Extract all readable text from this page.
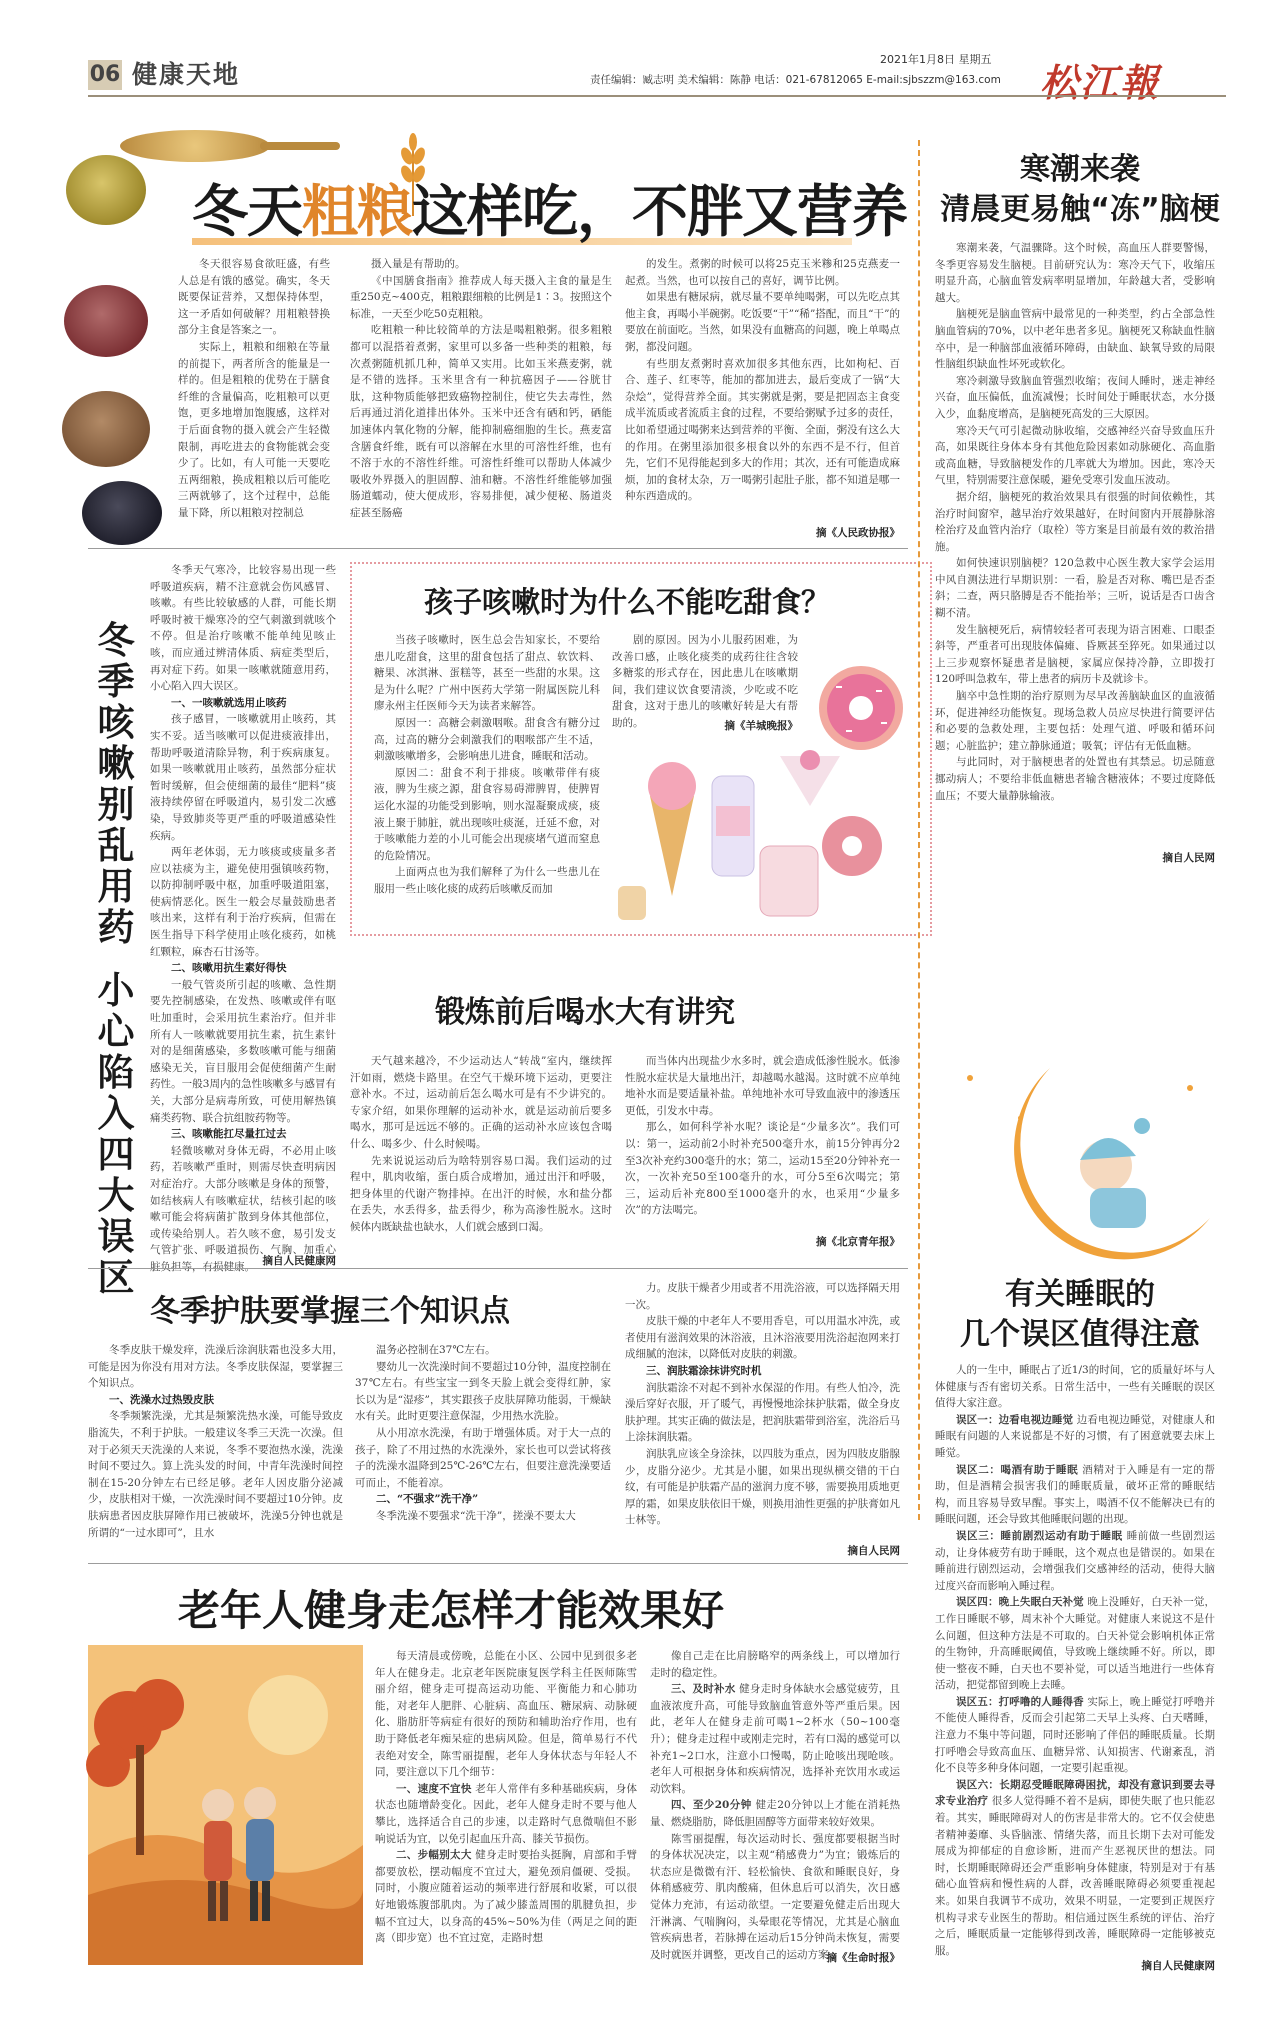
06 健康天地
2021年1月8日 星期五
责任编辑：臧志明 美术编辑：陈静 电话：021-67812065 E-mail:sjbszzm@163.com 松江報
冬天粗粮这样吃，不胖又营养

冬天很容易食欲旺盛，有些人总是有饿的感觉。确实，冬天既要保证营养，又想保持体型，这一矛盾如何破解？用粗粮替换部分主食是答案之一。

实际上，粗粮和细粮在等量的前提下，两者所含的能量是一样的。但是粗粮的优势在于膳食纤维的含量偏高，吃粗粮可以更饱，更多地增加饱腹感，这样对于后面食物的摄入就会产生轻微限制，再吃进去的食物能就会变少了。比如，有人可能一天要吃五两细粮，换成粗粮以后可能吃三两就够了，这个过程中，总能量下降，所以粗粮对控制总

摄入量是有帮助的。

《中国膳食指南》推荐成人每天摄入主食的量是生重250克~400克，粗粮跟细粮的比例是1∶3。按照这个标准，一天至少吃50克粗粮。

吃粗粮一种比较简单的方法是喝粗粮粥。很多粗粮都可以混搭着煮粥，家里可以多备一些种类的粗粮，每次煮粥随机抓几种，简单又实用。比如玉米燕麦粥，就是不错的选择。玉米里含有一种抗癌因子——谷胱甘肽，这种物质能够把致癌物控制住，使它失去毒性，然后再通过消化道排出体外。玉米中还含有硒和钙，硒能加速体内氧化物的分解，能抑制癌细胞的生长。燕麦富含膳食纤维，既有可以溶解在水里的可溶性纤维，也有不溶于水的不溶性纤维。可溶性纤维可以帮助人体减少吸收外界摄入的胆固醇、油和糖。不溶性纤维能够加强肠道蠕动，使大便成形，容易排便，减少便秘、肠道炎症甚至肠癌

的发生。煮粥的时候可以将25克玉米糁和25克燕麦一起煮。当然，也可以按自己的喜好，调节比例。

如果患有糖尿病，就尽量不要单纯喝粥，可以先吃点其他主食，再喝小半碗粥。吃饭要“干”“稀”搭配，而且“干”的要放在前面吃。当然，如果没有血糖高的问题，晚上单喝点粥，都没问题。

有些朋友煮粥时喜欢加很多其他东西，比如枸杞、百合、莲子、红枣等，能加的都加进去，最后变成了一锅“大杂烩”，觉得营养全面。其实粥就是粥，要是把固态主食变成半流质或者流质主食的过程，不要给粥赋予过多的责任，比如希望通过喝粥来达到营养的平衡、全面，粥没有这么大的作用。在粥里添加很多根食以外的东西不是不行，但首先，它们不见得能起到多大的作用；其次，还有可能造成麻烦，加的食材太杂，万一喝粥引起肚子胀，都不知道是哪一种东西造成的。

摘《人民政协报》
冬
季
咳
嗽
别
乱
用
药
小
心
陷
入
四
大
误
区

冬季天气寒冷，比较容易出现一些呼吸道疾病，精不注意就会伤风感冒、咳嗽。有些比较敏感的人群，可能长期呼吸时被干燥寒冷的空气刺激到就咳个不停。但是治疗咳嗽不能单纯见咳止咳，而应通过辨清体质、病症类型后，再对症下药。如果一咳嗽就随意用药，小心陷入四大误区。

一、一咳嗽就选用止咳药

孩子感冒，一咳嗽就用止咳药，其实不妥。适当咳嗽可以促进痰液排出，帮助呼吸道清除异物，利于疾病康复。如果一咳嗽就用止咳药，虽然部分症状暂时缓解，但会使细菌的最佳“肥料”痰液持续停留在呼吸道内，易引发二次感染，导致肺炎等更严重的呼吸道感染性疾病。

两年老体弱，无力咳痰或痰量多者应以祛痰为主，避免使用强镇咳药物，以防抑制呼吸中枢，加重呼吸道阻塞，使病情恶化。医生一般会尽量鼓励患者咳出来，这样有利于治疗疾病，但需在医生指导下科学使用止咳化痰药，如桃红颗粒，麻杏石甘汤等。

二、咳嗽用抗生素好得快

一般气管炎所引起的咳嗽、急性期要先控制感染，在发热、咳嗽或伴有呕吐加重时，会采用抗生素治疗。但并非所有人一咳嗽就要用抗生素，抗生素针对的是细菌感染，多数咳嗽可能与细菌感染无关，盲目服用会促使细菌产生耐药性。一般3周内的急性咳嗽多与感冒有关，大部分是病毒所致，可使用解热镇痛类药物、联合抗组胺药物等。

三、咳嗽能扛尽量扛过去

轻微咳嗽对身体无碍，不必用止咳药，若咳嗽严重时，则需尽快查明病因对症治疗。大部分咳嗽是身体的预警，如结核病人有咳嗽症状，结核引起的咳嗽可能会将病菌扩散到身体其他部位，或传染给别人。若久咳不愈，易引发支气管扩张、呼吸道损伤、气胸、加重心脏负担等，有损健康。 摘自人民健康网
孩子咳嗽时为什么不能吃甜食？

当孩子咳嗽时，医生总会告知家长，不要给患儿吃甜食，这里的甜食包括了甜点、软饮料、糖果、冰淇淋、蛋糕等，甚至一些甜的水果。这是为什么呢？广州中医药大学第一附属医院儿科廖永州主任医师今天为读者来解答。

原因一：高糖会刺激咽喉。甜食含有糖分过高，过高的糖分会刺激我们的咽喉部产生不适，刺激咳嗽增多，会影响患儿进食，睡眠和活动。

原因二：甜食不利于排痰。咳嗽带伴有痰液，脾为生痰之源，甜食容易碍滞脾胃，使脾胃运化水湿的功能受到影响，则水湿凝聚成痰，痰液上聚于肺脏，就出现咳吐痰涎，迁延不愈，对于咳嗽能力差的小儿可能会出现痰堵气道而窒息的危险情况。

上面两点也为我们解释了为什么一些患儿在服用一些止咳化痰的成药后咳嗽反而加

剧的原因。因为小儿服药困难，为改善口感，止咳化痰类的成药往往含较多糖浆的形式存在，因此患儿在咳嗽期间，我们建议饮食要清淡，少吃或不吃甜食，这对于患儿的咳嗽好转是大有帮助的。	摘《羊城晚报》
锻炼前后喝水大有讲究

天气越来越冷，不少运动达人“转战”室内，继续挥汗如雨，燃烧卡路里。在空气干燥环境下运动，更要注意补水。不过，运动前后怎么喝水可是有不少讲究的。专家介绍，如果你理解的运动补水，就是运动前后要多喝水，那可是远远不够的。正确的运动补水应该包含喝什么、喝多少、什么时候喝。

先来说说运动后为啥特别容易口渴。我们运动的过程中，肌肉收缩，蛋白质合成增加，通过出汗和呼吸，把身体里的代谢产物排掉。在出汗的时候，水和盐分都在丢失，水丢得多，盐丢得少，称为高渗性脱水。这时候体内既缺盐也缺水，人们就会感到口渴。

而当体内出现盐少水多时，就会造成低渗性脱水。低渗性脱水症状是大量地出汗，却越喝水越渴。这时就不应单纯地补水而是要适量补盐。单纯地补水可导致血液中的渗透压更低，引发水中毒。

那么，如何科学补水呢？谈论是“少量多次”。我们可以：第一，运动前2小时补充500毫升水，前15分钟再分2至3次补充约300毫升的水；第二，运动15至20分钟补充一次，一次补充50至100毫升的水，可分5至6次喝完；第三，运动后补充800至1000毫升的水，也采用“少量多次”的方法喝完。

摘《北京青年报》
冬季护肤要掌握三个知识点

冬季皮肤干燥发痒，洗澡后涂润肤霜也没多大用，可能是因为你没有用对方法。冬季皮肤保湿，要掌握三个知识点。

一、洗澡水过热毁皮肤

冬季频繁洗澡，尤其是频繁洗热水澡，可能导致皮脂流失，不利于护肤。一般建议冬季三天洗一次澡。但对于必须天天洗澡的人来说，冬季不要泡热水澡，洗澡时间不要过久。算上洗头发的时间，中青年洗澡时间控制在15-20分钟左右已经足够。老年人因皮脂分泌减少，皮肤相对干燥，一次洗澡时间不要超过10分钟。皮肤病患者因皮肤屏障作用已被破坏，洗澡5分钟也就是所谓的“一过水即可”，且水

温务必控制在37℃左右。

婴幼儿一次洗澡时间不要超过10分钟，温度控制在37℃左右。有些宝宝一到冬天脸上就会变得红肿，家长以为是“湿疹”，其实跟孩子皮肤屏障功能弱，干燥缺水有关。此时更要注意保湿，少用热水洗脸。

从小用凉水洗澡，有助于增强体质。对于大一点的孩子，除了不用过热的水洗澡外，家长也可以尝试将孩子的洗澡水温降到25℃-26℃左右，但要注意洗澡要适可而止，不能着凉。

二、“不强求”洗干净”

冬季洗澡不要强求“洗干净”，搓澡不要太大

力。皮肤干燥者少用或者不用洗浴液，可以选择隔天用一次。

皮肤干燥的中老年人不要用香皂，可以用温水冲洗，或者使用有滋润效果的沐浴液，且沐浴液要用洗浴起泡网来打成细腻的泡沫，以降低对皮肤的刺激。

三、润肤霜涂抹讲究时机

润肤霜涂不对起不到补水保湿的作用。有些人怕冷，洗澡后穿好衣服，开了暖气，再慢慢地涂抹护肤霜，做全身皮肤护理。其实正确的做法是，把润肤霜带到浴室，洗浴后马上涂抹润肤霜。

润肤乳应该全身涂抹，以四肢为重点，因为四肢皮脂腺少，皮脂分泌少。尤其是小腿，如果出现纵横交错的干白纹，有可能是护肤霜产品的滋润力度不够，需要换用质地更厚的霜，如果皮肤依旧干燥，则换用油性更强的护肤膏如凡士林等。

摘自人民网
老年人健身走怎样才能效果好

每天清晨或傍晚，总能在小区、公园中见到很多老年人在健身走。北京老年医院康复医学科主任医师陈雪丽介绍，健身走可提高运动功能、平衡能力和心肺功能，对老年人肥胖、心脏病、高血压、糖尿病、动脉硬化、脂肪肝等病症有很好的预防和辅助治疗作用，也有助于降低老年痴呆症的患病风险。但是，简单易行不代表绝对安全，陈雪丽提醒，老年人身体状态与年轻人不同，要注意以下几个细节：

一、速度不宜快 老年人常伴有多种基础疾病，身体状态也随增龄变化。因此，老年人健身走时不要与他人攀比，选择适合自己的步速，以走路时气息微喘但不影响说话为宜，以免引起血压升高、膝关节损伤。

二、步幅别太大 健身走时要抬头挺胸，肩部和手臂都要放松，摆动幅度不宜过大，避免颈肩僵硬、受损。同时，小腹应随着运动的频率进行舒展和收紧，可以很好地锻炼腹部肌肉。为了减少膝盖周围的肌腱负担，步幅不宜过大，以身高的45%~50%为佳（两足之间的距离（即步宽）也不宜过宽，走路时想

像自己走在比肩膀略窄的两条线上，可以增加行走时的稳定性。

三、及时补水 健身走时身体缺水会感觉疲劳，且血液浓度升高，可能导致脑血管意外等严重后果。因此，老年人在健身走前可喝1~2杯水（50~100毫升）；健身走过程中或刚走完时，若有口渴的感觉可以补充1~2口水，注意小口慢喝，防止呛咳出现呛咳。老年人可根据身体和疾病情况，选择补充饮用水或运动饮料。

四、至少20分钟 健走20分钟以上才能在消耗热量、燃烧脂肪，降低胆固醇等方面带来较好效果。

陈雪丽提醒，每次运动时长、强度都要根据当时的身体状况决定，以主观“稍感费力”为宜；锻炼后的状态应是微微有汗、轻松愉快、食欲和睡眠良好，身体稍感疲劳、肌肉酸痛，但休息后可以消失，次日感觉体力充沛，有运动欲望。一定要避免健走后出现大汗淋漓、气喘胸闷，头晕眼花等情况，尤其是心脑血管疾病患者，若脉搏在运动后15分钟尚未恢复，需要及时就医并调整，更改自己的运动方案。

摘《生命时报》
寒潮来袭
清晨更易触“冻”脑梗

寒潮来袭，气温骤降。这个时候，高血压人群要警惕，冬季更容易发生脑梗。目前研究认为：寒冷天气下，收缩压明显升高，心脑血管发病率明显增加，年龄越大者，受影响越大。

脑梗死是脑血管病中最常见的一种类型，约占全部急性脑血管病的70%，以中老年患者多见。脑梗死又称缺血性脑卒中，是一种脑部血液循环障碍，由缺血、缺氧导致的局限性脑组织缺血性坏死或软化。

寒冷刺激导致脑血管强烈收缩；夜间人睡时，迷走神经兴奋，血压偏低，血流减慢；长时间处于睡眠状态，水分摄入少，血黏度增高，是脑梗死高发的三大原因。

寒冷天气可引起微动脉收缩，交感神经兴奋导致血压升高，如果既往身体本身有其他危险因素如动脉硬化、高血脂或高血糖，导致脑梗发作的几率就大为增加。因此，寒冷天气里，特别需要注意保暖，避免受寒引发血压波动。

据介绍，脑梗死的救治效果具有很强的时间依赖性，其治疗时间窗窄，越早治疗效果越好，在时间窗内开展静脉溶栓治疗及血管内治疗（取栓）等方案是目前最有效的救治措施。

如何快速识别脑梗？120急救中心医生教大家学会运用中风自测法进行早期识别：一看，脸是否对称、嘴巴是否歪斜；二查，两只胳膊是否不能抬举；三听，说话是否口齿含糊不清。

发生脑梗死后，病情较轻者可表现为语言困难、口眼歪斜等，严重者可出现肢体偏瘫、昏厥甚至猝死。如果通过以上三步观察怀疑患者是脑梗，家属应保持冷静，立即拨打120呼叫急救车，带上患者的病历卡及就诊卡。

脑卒中急性期的治疗原则为尽早改善脑缺血区的血液循环，促进神经功能恢复。现场急救人员应尽快进行简要评估和必要的急救处理，主要包括：处理气道、呼吸和循环问题；心脏监护；建立静脉通道；吸氧；评估有无低血糖。

与此同时，对于脑梗患者的处置也有其禁忌。切忌随意挪动病人；不要给非低血糖患者输含糖液体；不要过度降低血压；不要大量静脉输液。

摘自人民网
有关睡眠的
几个误区值得注意

人的一生中，睡眠占了近1/3的时间，它的质量好坏与人体健康与否有密切关系。日常生活中，一些有关睡眠的误区值得大家注意。

误区一：边看电视边睡觉 边看电视边睡觉，对健康人和睡眠有问题的人来说都是不好的习惯，有了困意就要去床上睡觉。

误区二：喝酒有助于睡眠 酒精对于入睡是有一定的帮助，但是酒精会损害我们的睡眠质量，破坏正常的睡眠结构，而且容易导致早醒。事实上，喝酒不仅不能解决已有的睡眠问题，还会导致其他睡眠问题的出现。

误区三：睡前剧烈运动有助于睡眠 睡前做一些剧烈运动，让身体疲劳有助于睡眠，这个观点也是错误的。如果在睡前进行剧烈运动，会增强我们交感神经的活动，使得大脑过度兴奋而影响入睡过程。

误区四：晚上失眠白天补觉 晚上没睡好，白天补一觉，工作日睡眠不够，周末补个大睡觉。对健康人来说这不是什么问题，但这种方法是不可取的。白天补觉会影响机体正常的生物钟，升高睡眠阈值，导致晚上继续睡不好。所以，即使一整夜不睡，白天也不要补觉，可以适当地进行一些体育活动，把觉都留到晚上去睡。

误区五：打呼噜的人睡得香 实际上，晚上睡觉打呼噜并不能使人睡得香，反而会引起第二天早上头疼、白天嗜睡，注意力不集中等问题，同时还影响了伴侣的睡眠质量。长期打呼噜会导致高血压、血糖异常、认知损害、代谢紊乱，消化不良等多种身体问题，一定要引起重视。

误区六：长期忍受睡眠障碍困扰，却没有意识到要去寻求专业治疗 很多人觉得睡不着不是病，即使失眠了也只能忍着。其实，睡眠障碍对人的伤害是非常大的。它不仅会使患者精神萎靡、头昏脑涨、情绪失落，而且长期下去对可能发展成为抑郁症的自愈诊断，进而产生恶视厌世的想法。同时，长期睡眠障碍还会严重影响身体健康，特别是对于有基础心血管病和慢性病的人群，改善睡眠障碍必须要重视起来。如果自我调节不成功，效果不明显，一定要到正规医疗机构寻求专业医生的帮助。相信通过医生系统的评估、治疗之后，睡眠质量一定能够得到改善，睡眠障碍一定能够被克服。

摘自人民健康网
